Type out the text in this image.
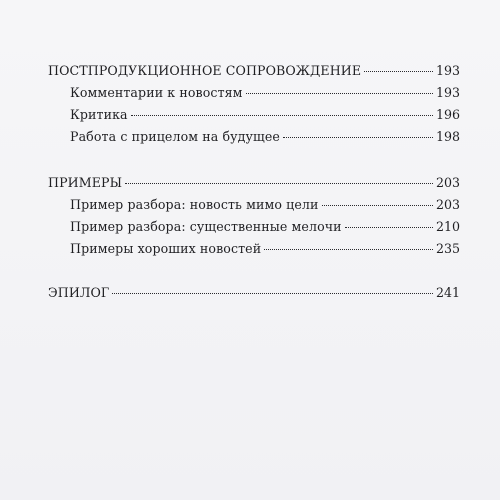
ПОСТПРОДУКЦИОННОЕ СОПРОВОЖДЕНИЕ	193
Комментарии к новостям	193
Критика	196
Работа с прицелом на будущее	198
ПРИМЕРЫ	203
Пример разбора: новость мимо цели	203
Пример разбора: существенные мелочи	210
Примеры хороших новостей	235
ЭПИЛОГ	241
